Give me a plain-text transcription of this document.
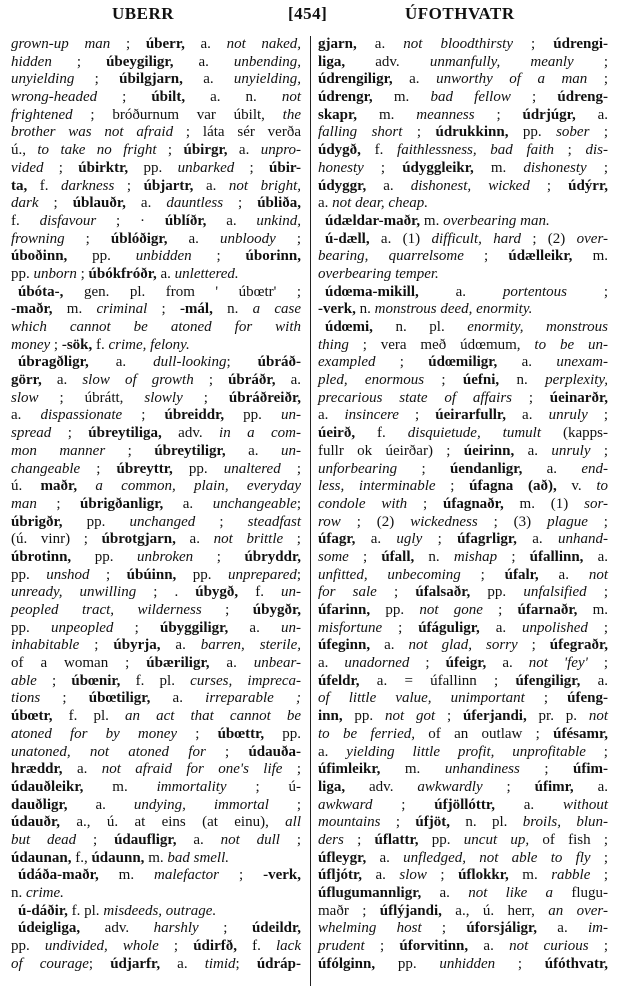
UBERR	[454]	ÚFOTHVATR
grown-up man ; úberr, a. not naked,
hidden ; úbeygiligr, a. unbending,
unyielding ; úbilgjarn, a. unyielding,
wrong-headed ; úbilt, a. n. not
frightened ; bróðurnum var úbilt, the
brother was not afraid ; láta sér verða
ú., to take no fright ; úbirgr, a. unpro-
vided ; úbirktr, pp. unbarked ; úbir-
ta, f. darkness ; úbjartr, a. not bright,
dark ; úblauðr, a. dauntless ; úbliða,
f. disfavour ; · úblíðr, a. unkind,
frowning ; úblóðigr, a. unbloody ;
úboðinn, pp. unbidden ; úborinn,
pp. unborn ; úbókfróðr, a. unlettered.
úbóta-, gen. pl. from ' úbœtr' ;
-maðr, m. criminal ; -mál, n. a case
which cannot be atoned for with
money ; -sök, f. crime, felony.
úbragðligr, a. dull-looking; úbráð-
görr, a. slow of growth ; úbráðr, a.
slow ; úbrátt, slowly ; úbráðreiðr,
a. dispassionate ; úbreiddr, pp. un-
spread ; úbreytiliga, adv. in a com-
mon manner ; úbreytiligr, a. un-
changeable ; úbreyttr, pp. unaltered ;
ú. maðr, a common, plain, everyday
man ; úbrigðanligr, a. unchangeable;
úbrigðr, pp. unchanged ; steadfast
(ú. vinr) ; úbrotgjarn, a. not brittle ;
úbrotinn, pp. unbroken ; úbryddr,
pp. unshod ; úbúinn, pp. unprepared;
unready, unwilling ; . úbygð, f. un-
peopled tract, wilderness ; úbygðr,
pp. unpeopled ; úbyggiligr, a. un-
inhabitable ; úbyrja, a. barren, sterile,
of a woman ; úbæriligr, a. unbear-
able ; úbœnir, f. pl. curses, impreca-
tions ; úbœtiligr, a. irreparable ;
úbœtr, f. pl. an act that cannot be
atoned for by money ; úbœttr, pp.
unatoned, not atoned for ; údauða-
hræddr, a. not afraid for one's life ;
údauðleikr, m. immortality ; ú-
dauðligr, a. undying, immortal ;
údauðr, a., ú. at eins (at einu), all
but dead ; údaufligr, a. not dull ;
údaunan, f., údaunn, m. bad smell.
údáða-maðr, m. malefactor ; -verk,
n. crime.
ú-dáðir, f. pl. misdeeds, outrage.
údeigliga, adv. harshly ; údeildr,
pp. undivided, whole ; údirfð, f. lack
of courage; údjarfr, a. timid; údráp-
gjarn, a. not bloodthirsty ; údrengi-
liga, adv. unmanfully, meanly ;
údrengiligr, a. unworthy of a man ;
údrengr, m. bad fellow ; údreng-
skapr, m. meanness ; údrjúgr, a.
falling short ; údrukkinn, pp. sober ;
údygð, f. faithlessness, bad faith ; dis-
honesty ; údyggleikr, m. dishonesty ;
údyggr, a. dishonest, wicked ; údýrr,
a. not dear, cheap.
údældar-maðr, m. overbearing man.
ú-dæll, a. (1) difficult, hard ; (2) over-
bearing, quarrelsome ; údælleikr, m.
overbearing temper.
údœma-mikill, a. portentous ;
-verk, n. monstrous deed, enormity.
údœmi, n. pl. enormity, monstrous
thing ; vera með údœmum, to be un-
exampled ; údœmiligr, a. unexam-
pled, enormous ; úefni, n. perplexity,
precarious state of affairs ; úeinarðr,
a. insincere ; úeirarfullr, a. unruly ;
úeirð, f. disquietude, tumult (kapps-
fullr ok úeirðar) ; úeirinn, a. unruly ;
unforbearing ; úendanligr, a. end-
less, interminable ; úfagna (að), v. to
condole with ; úfagnaðr, m. (1) sor-
row ; (2) wickedness ; (3) plague ;
úfagr, a. ugly ; úfagrligr, a. unhand-
some ; úfall, n. mishap ; úfallinn, a.
unfitted, unbecoming ; úfalr, a. not
for sale ; úfalsaðr, pp. unfalsified ;
úfarinn, pp. not gone ; úfarnaðr, m.
misfortune ; úfáguligr, a. unpolished ;
úfeginn, a. not glad, sorry ; úfegraðr,
a. unadorned ; úfeigr, a. not 'fey' ;
úfeldr, a. = úfallinn ; úfengiligr, a.
of little value, unimportant ; úfeng-
inn, pp. not got ; úferjandi, pr. p. not
to be ferried, of an outlaw ; úfésamr,
a. yielding little profit, unprofitable ;
úfimleikr, m. unhandiness ; úfim-
liga, adv. awkwardly ; úfimr, a.
awkward ; úfjöllóttr, a. without
mountains ; úfjöt, n. pl. broils, blun-
ders ; úflattr, pp. uncut up, of fish ;
úfleygr, a. unfledged, not able to fly ;
úfljótr, a. slow ; úflokkr, m. rabble ;
úflugumannligr, a. not like a flugu-
maðr ; úflýjandi, a., ú. herr, an over-
whelming host ; úforsjáligr, a. im-
prudent ; úforvitinn, a. not curious ;
úfólginn, pp. unhidden ; úfóthvatr,
